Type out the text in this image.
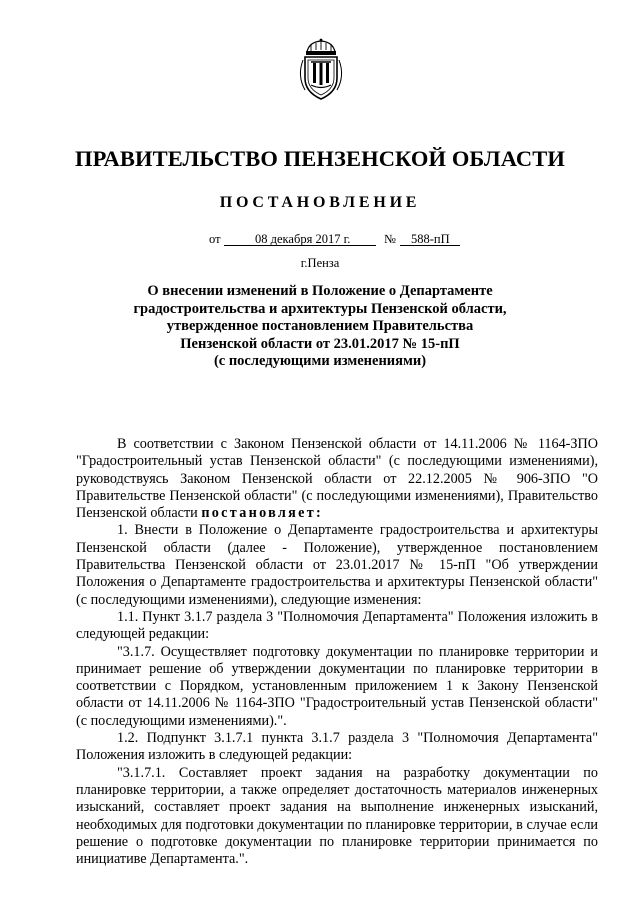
ПРАВИТЕЛЬСТВО ПЕНЗЕНСКОЙ ОБЛАСТИ
ПОСТАНОВЛЕНИЕ
от	08 декабря 2017 г.	№ 588-пП
г.Пенза
О внесении изменений в Положение о Департаменте
градостроительства и архитектуры Пензенской области,
утвержденное постановлением Правительства
Пензенской области от 23.01.2017 № 15-пП
(с последующими изменениями)

В соответствии с Законом Пензенской области от 14.11.2006 № 1164-ЗПО "Градостроительный устав Пензенской области" (с последующими изменениями), руководствуясь Законом Пензенской области от 22.12.2005 № 906-ЗПО "О Правительстве Пензенской области" (с последующими изменениями), Правительство Пензенской области постановляет:

1. Внести в Положение о Департаменте градостроительства и архитектуры Пензенской области (далее - Положение), утвержденное постановлением Правительства Пензенской области от 23.01.2017 № 15-пП "Об утверждении Положения о Департаменте градостроительства и архитектуры Пензенской области" (с последующими изменениями), следующие изменения:

1.1. Пункт 3.1.7 раздела 3 "Полномочия Департамента" Положения изложить в следующей редакции:

"3.1.7. Осуществляет подготовку документации по планировке территории и принимает решение об утверждении документации по планировке территории в соответствии с Порядком, установленным приложением 1 к Закону Пензенской области от 14.11.2006 № 1164-ЗПО "Градостроительный устав Пензенской области" (с последующими изменениями).".

1.2. Подпункт 3.1.7.1 пункта 3.1.7 раздела 3 "Полномочия Департамента" Положения изложить в следующей редакции:

"3.1.7.1. Составляет проект задания на разработку документации по планировке территории, а также определяет достаточность материалов инженерных изысканий, составляет проект задания на выполнение инженерных изысканий, необходимых для подготовки документации по планировке территории, в случае если решение о подготовке документации по планировке территории принимается по инициативе Департамента.".
